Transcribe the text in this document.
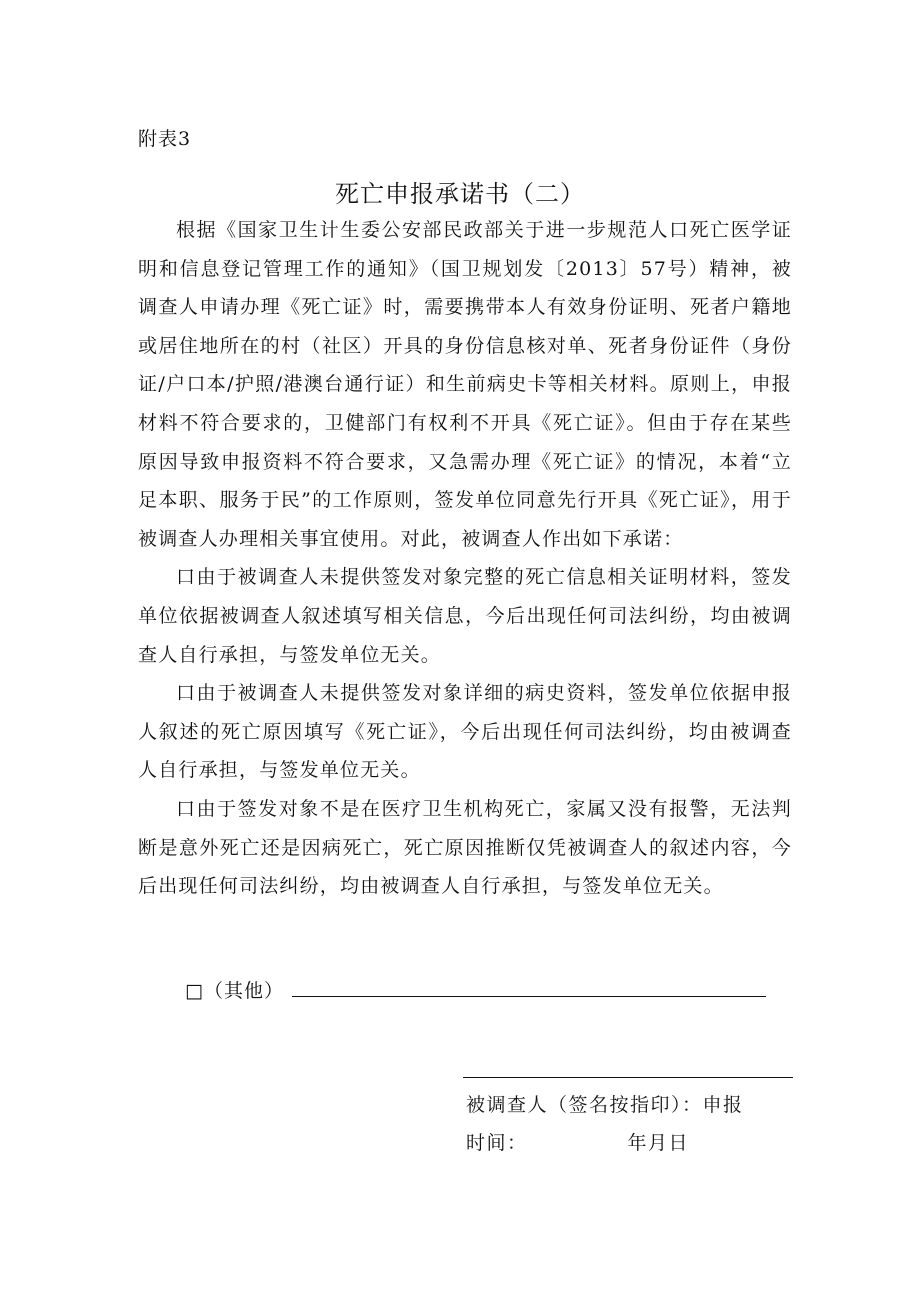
附表3
死亡申报承诺书（二）

根据《国家卫生计生委公安部民政部关于进一步规范人口死亡医学证明和信息登记管理工作的通知》（国卫规划发〔2013〕57号）精神，被调查人申请办理《死亡证》时，需要携带本人有效身份证明、死者户籍地或居住地所在的村（社区）开具的身份信息核对单、死者身份证件（身份证/户口本/护照/港澳台通行证）和生前病史卡等相关材料。原则上，申报材料不符合要求的，卫健部门有权利不开具《死亡证》。但由于存在某些原因导致申报资料不符合要求，又急需办理《死亡证》的情况，本着“立足本职、服务于民”的工作原则，签发单位同意先行开具《死亡证》，用于被调查人办理相关事宜使用。对此，被调查人作出如下承诺：

口由于被调查人未提供签发对象完整的死亡信息相关证明材料，签发单位依据被调查人叙述填写相关信息，今后出现任何司法纠纷，均由被调查人自行承担，与签发单位无关。

口由于被调查人未提供签发对象详细的病史资料，签发单位依据申报人叙述的死亡原因填写《死亡证》，今后出现任何司法纠纷，均由被调查人自行承担，与签发单位无关。

口由于签发对象不是在医疗卫生机构死亡，家属又没有报警，无法判断是意外死亡还是因病死亡，死亡原因推断仅凭被调查人的叙述内容，今后出现任何司法纠纷，均由被调查人自行承担，与签发单位无关。

□（其他）
被调查人（签名按指印）：申报
时间：	年月日
